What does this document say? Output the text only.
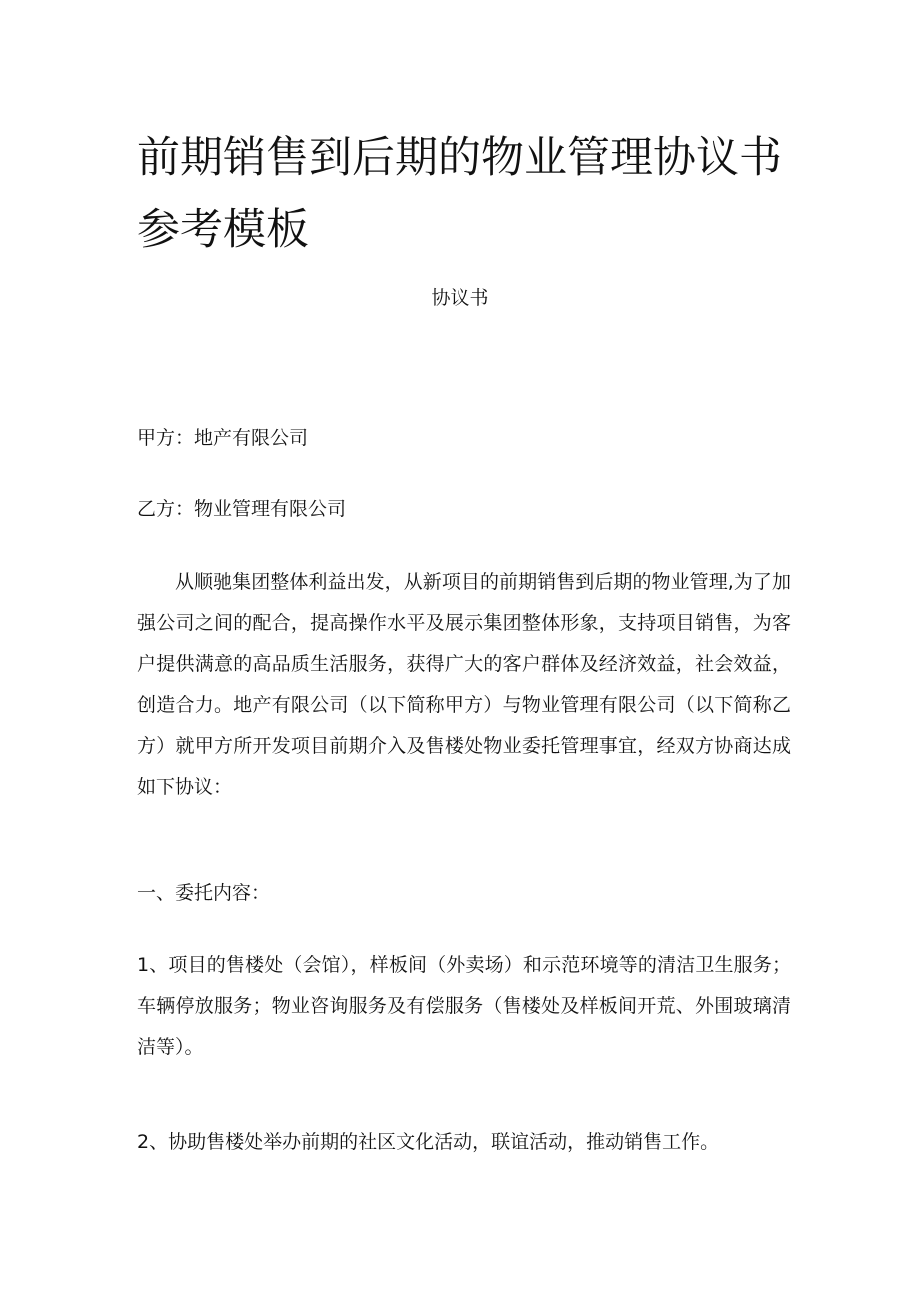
前期销售到后期的物业管理协议书参考模板

协议书

甲方：地产有限公司

乙方：物业管理有限公司

从顺驰集团整体利益出发，从新项目的前期销售到后期的物业管理,为了加强公司之间的配合，提高操作水平及展示集团整体形象，支持项目销售，为客户提供满意的高品质生活服务，获得广大的客户群体及经济效益，社会效益，创造合力。地产有限公司（以下简称甲方）与物业管理有限公司（以下简称乙方）就甲方所开发项目前期介入及售楼处物业委托管理事宜，经双方协商达成如下协议：

一、委托内容：

1、项目的售楼处（会馆），样板间（外卖场）和示范环境等的清洁卫生服务；车辆停放服务；物业咨询服务及有偿服务（售楼处及样板间开荒、外围玻璃清洁等）。

2、协助售楼处举办前期的社区文化活动，联谊活动，推动销售工作。
